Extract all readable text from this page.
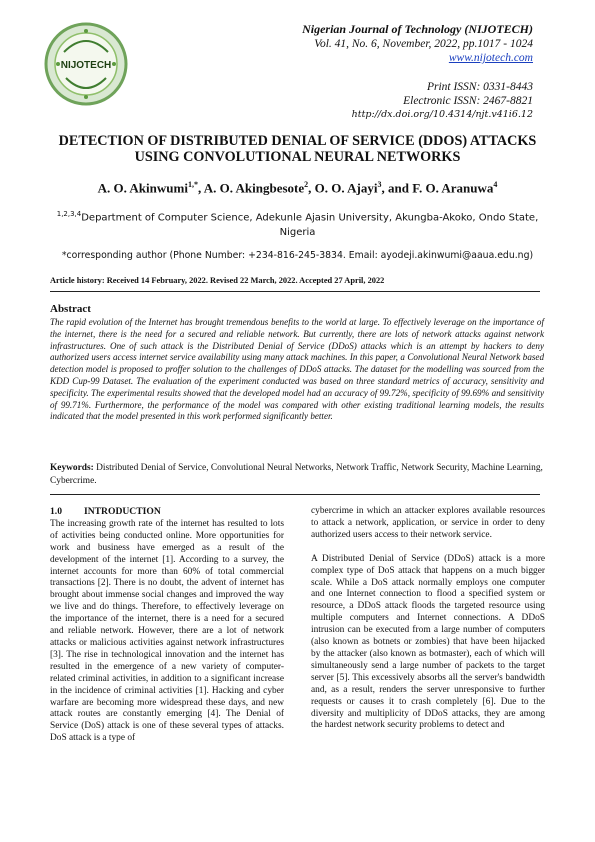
NIJOTECH
Nigerian Journal of Technology (NIJOTECH)
Vol. 41, No. 6, November, 2022, pp.1017 - 1024
www.nijotech.com
Print ISSN: 0331-8443
Electronic ISSN: 2467-8821
http://dx.doi.org/10.4314/njt.v41i6.12
DETECTION OF DISTRIBUTED DENIAL OF SERVICE (DDOS) ATTACKS USING CONVOLUTIONAL NEURAL NETWORKS
A. O. Akinwumi$^{1,*}$, A. O. Akingbesote$^2$, O. O. Ajayi$^3$, and F. O. Aranuwa$^4$
$^{1,2,3,4}$Department of Computer Science, Adekunle Ajasin University, Akungba-Akoko, Ondo State, Nigeria
*corresponding author (Phone Number: +234-816-245-3834. Email: ayodeji.akinwumi@aaua.edu.ng)
Article history: Received 14 February, 2022. Revised 22 March, 2022. Accepted 27 April, 2022
Abstract
The rapid evolution of the Internet has brought tremendous benefits to the world at large. To effectively leverage on the importance of the internet, there is the need for a secured and reliable network. But currently, there are lots of network attacks against network infrastructures. One of such attack is the Distributed Denial of Service (DDoS) attacks which is an attempt by hackers to deny authorized users access internet service availability using many attack machines. In this paper, a Convolutional Neural Network based detection model is proposed to proffer solution to the challenges of DDoS attacks. The dataset for the modelling was sourced from the KDD Cup-99 Dataset. The evaluation of the experiment conducted was based on three standard metrics of accuracy, sensitivity and specificity. The experimental results showed that the developed model had an accuracy of 99.72%, specificity of 99.69% and sensitivity of 99.71%. Furthermore, the performance of the model was compared with other existing traditional learning models, the results indicated that the model presented in this work performed significantly better.
Keywords: Distributed Denial of Service, Convolutional Neural Networks, Network Traffic, Network Security, Machine Learning, Cybercrime.
1.0 INTRODUCTION

The increasing growth rate of the internet has resulted to lots of activities being conducted online. More opportunities for work and business have emerged as a result of the development of the internet [1]. According to a survey, the internet accounts for more than 60% of total commercial transactions [2]. There is no doubt, the advent of internet has brought about immense social changes and improved the way we live and do things. Therefore, to effectively leverage on the importance of the internet, there is a need for a secured and reliable network. However, there are a lot of network attacks or malicious activities against network infrastructures [3]. The rise in technological innovation and the internet has resulted in the emergence of a new variety of computer-related criminal activities, in addition to a significant increase in the incidence of criminal activities [1]. Hacking and cyber warfare are becoming more widespread these days, and new attack routes are constantly emerging [4]. The Denial of Service (DoS) attack is one of these several types of attacks. DoS attack is a type of

cybercrime in which an attacker explores available resources to attack a network, application, or service in order to deny authorized users access to their network service.

A Distributed Denial of Service (DDoS) attack is a more complex type of DoS attack that happens on a much bigger scale. While a DoS attack normally employs one computer and one Internet connection to flood a specified system or resource, a DDoS attack floods the targeted resource using multiple computers and Internet connections. A DDoS intrusion can be executed from a large number of computers (also known as botnets or zombies) that have been hijacked by the attacker (also known as botmaster), each of which will simultaneously send a large number of packets to the target server [5]. This excessively absorbs all the server's bandwidth and, as a result, renders the server unresponsive to further requests or causes it to crash completely [6]. Due to the diversity and multiplicity of DDoS attacks, they are among the hardest network security problems to detect and
